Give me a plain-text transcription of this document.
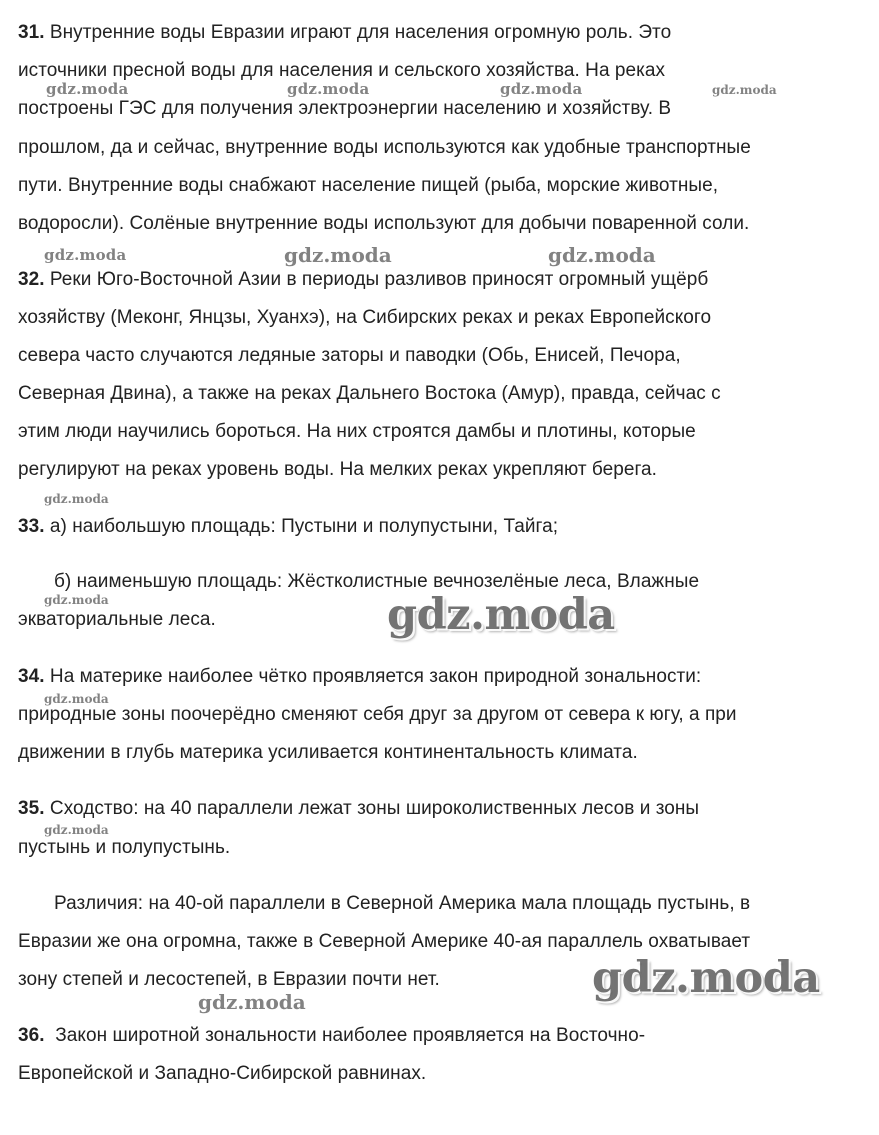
31. Внутренние воды Евразии играют для населения огромную роль. Это
источники пресной воды для населения и сельского хозяйства. На реках
построены ГЭС для получения электроэнергии населению и хозяйству. В
прошлом, да и сейчас, внутренние воды используются как удобные транспортные
пути. Внутренние воды снабжают население пищей (рыба, морские животные,
водоросли). Солёные внутренние воды используют для добычи поваренной соли.
32. Реки Юго-Восточной Азии в периоды разливов приносят огромный ущёрб
хозяйству (Меконг, Янцзы, Хуанхэ), на Сибирских реках и реках Европейского
севера часто случаются ледяные заторы и паводки (Обь, Енисей, Печора,
Северная Двина), а также на реках Дальнего Востока (Амур), правда, сейчас с
этим люди научились бороться. На них строятся дамбы и плотины, которые
регулируют на реках уровень воды. На мелких реках укрепляют берега.
33. а) наибольшую площадь: Пустыни и полупустыни, Тайга;
б) наименьшую площадь: Жёстколистные вечнозелёные леса, Влажные
экваториальные леса.
34. На материке наиболее чётко проявляется закон природной зональности:
природные зоны поочерёдно сменяют себя друг за другом от севера к югу, а при
движении в глубь материка усиливается континентальность климата.
35. Сходство: на 40 параллели лежат зоны широколиственных лесов и зоны
пустынь и полупустынь.
Различия: на 40-ой параллели в Северной Америка мала площадь пустынь, в
Евразии же она огромна, также в Северной Америке 40-ая параллель охватывает
зону степей и лесостепей, в Евразии почти нет.
36. Закон широтной зональности наиболее проявляется на Восточно-
Европейской и Западно-Сибирской равнинах.
gdz.moda	gdz.moda	gdz.moda	gdz.moda
gdz.moda	gdz.moda	gdz.moda
gdz.moda
gdz.moda	gdz.moda
gdz.moda
gdz.moda
gdz.moda
gdz.moda
